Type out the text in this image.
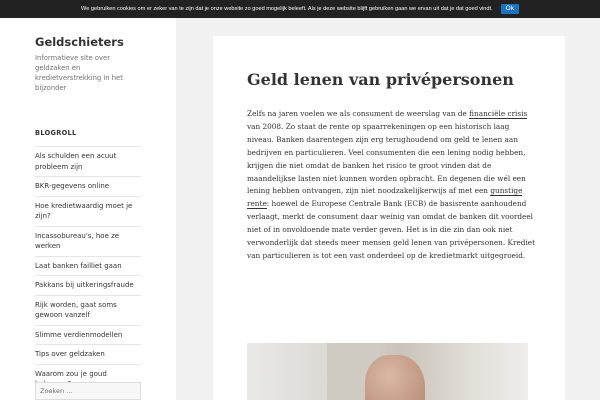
We gebruiken cookies om er zeker van te zijn dat je onze website zo goed mogelijk beleeft. Als je deze website blijft gebruiken gaan we ervan uit dat je dat goed vindt.	Ok
Geldschieters
Informatieve site over geldzaken en kredietverstrekking in het bijzonder
BLOGROLL
Als schulden een acuut probleem zijn
BKR-gegevens online
Hoe kredietwaardig moet je zijn?
Incassobureau's, hoe ze werken
Laat banken failliet gaan
Pakkans bij uitkeringsfraude
Rijk worden, gaat soms gewoon vanzelf
Slimme verdienmodellen
Tips over geldzaken
Waarom zou je goud
Zoeken ...
Geld lenen van privépersonen

Zelfs na jaren voelen we als consument de weerslag van de financiële crisis van 2008. Zo staat de rente op spaarrekeningen op een historisch laag niveau. Banken daarentegen zijn erg terughoudend om geld te lenen aan bedrijven en particulieren. Veel consumenten die een lening nodig hebben, krijgen die niet omdat de banken het risico te groot vinden dat de maandelijkse lasten niet kunnen worden opbracht. En degenen die wél een lening hebben ontvangen, zijn niet noodzakelijkerwijs af met een gunstige rente: hoewel de Europese Centrale Bank (ECB) de basisrente aanhoudend verlaagt, merkt de consument daar weinig van omdat de banken dit voordeel niet of in onvoldoende mate verder geven. Het is in die zin dan ook niet verwonderlijk dat steeds meer mensen geld lenen van privépersonen. Krediet van particulieren is tot een vast onderdeel op de kredietmarkt uitgegroeid.
